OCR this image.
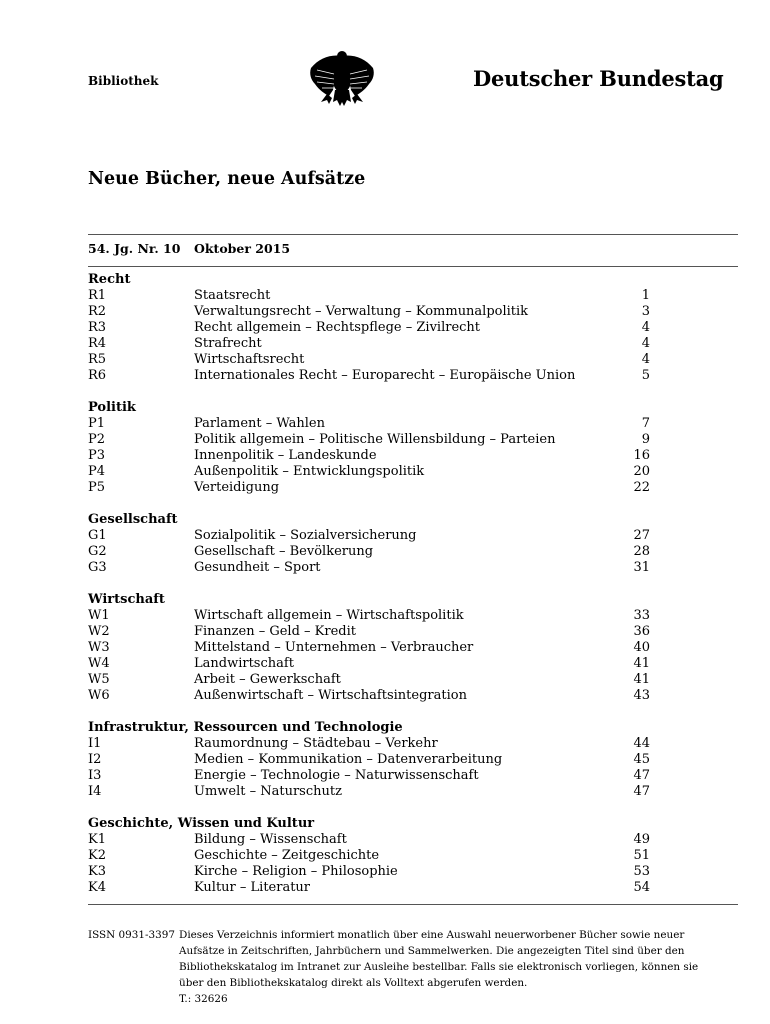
Bibliothek	Deutscher Bundestag
Neue Bücher, neue Aufsätze
54. Jg. Nr. 10 Oktober 2015
Recht
R1	Staatsrecht	1
R2	Verwaltungsrecht – Verwaltung – Kommunalpolitik	3
R3	Recht allgemein – Rechtspflege – Zivilrecht	4
R4	Strafrecht	4
R5	Wirtschaftsrecht	4
R6	Internationales Recht – Europarecht – Europäische Union	5
Politik
P1	Parlament – Wahlen	7
P2	Politik allgemein – Politische Willensbildung – Parteien	9
P3	Innenpolitik – Landeskunde	16
P4	Außenpolitik – Entwicklungspolitik	20
P5	Verteidigung	22
Gesellschaft
G1	Sozialpolitik – Sozialversicherung	27
G2	Gesellschaft – Bevölkerung	28
G3	Gesundheit – Sport	31
Wirtschaft
W1	Wirtschaft allgemein – Wirtschaftspolitik	33
W2	Finanzen – Geld – Kredit	36
W3	Mittelstand – Unternehmen – Verbraucher	40
W4	Landwirtschaft	41
W5	Arbeit – Gewerkschaft	41
W6	Außenwirtschaft – Wirtschaftsintegration	43
Infrastruktur, Ressourcen und Technologie
I1	Raumordnung – Städtebau – Verkehr	44
I2	Medien – Kommunikation – Datenverarbeitung	45
I3	Energie – Technologie – Naturwissenschaft	47
I4	Umwelt – Naturschutz	47
Geschichte, Wissen und Kultur
K1	Bildung – Wissenschaft	49
K2	Geschichte – Zeitgeschichte	51
K3	Kirche – Religion – Philosophie	53
K4	Kultur – Literatur	54
ISSN 0931-3397 Dieses Verzeichnis informiert monatlich über eine Auswahl neuerworbener Bücher sowie neuer
Aufsätze in Zeitschriften, Jahrbüchern und Sammelwerken. Die angezeigten Titel sind über den
Bibliothekskatalog im Intranet zur Ausleihe bestellbar. Falls sie elektronisch vorliegen, können sie
über den Bibliothekskatalog direkt als Volltext abgerufen werden.
T.: 32626
